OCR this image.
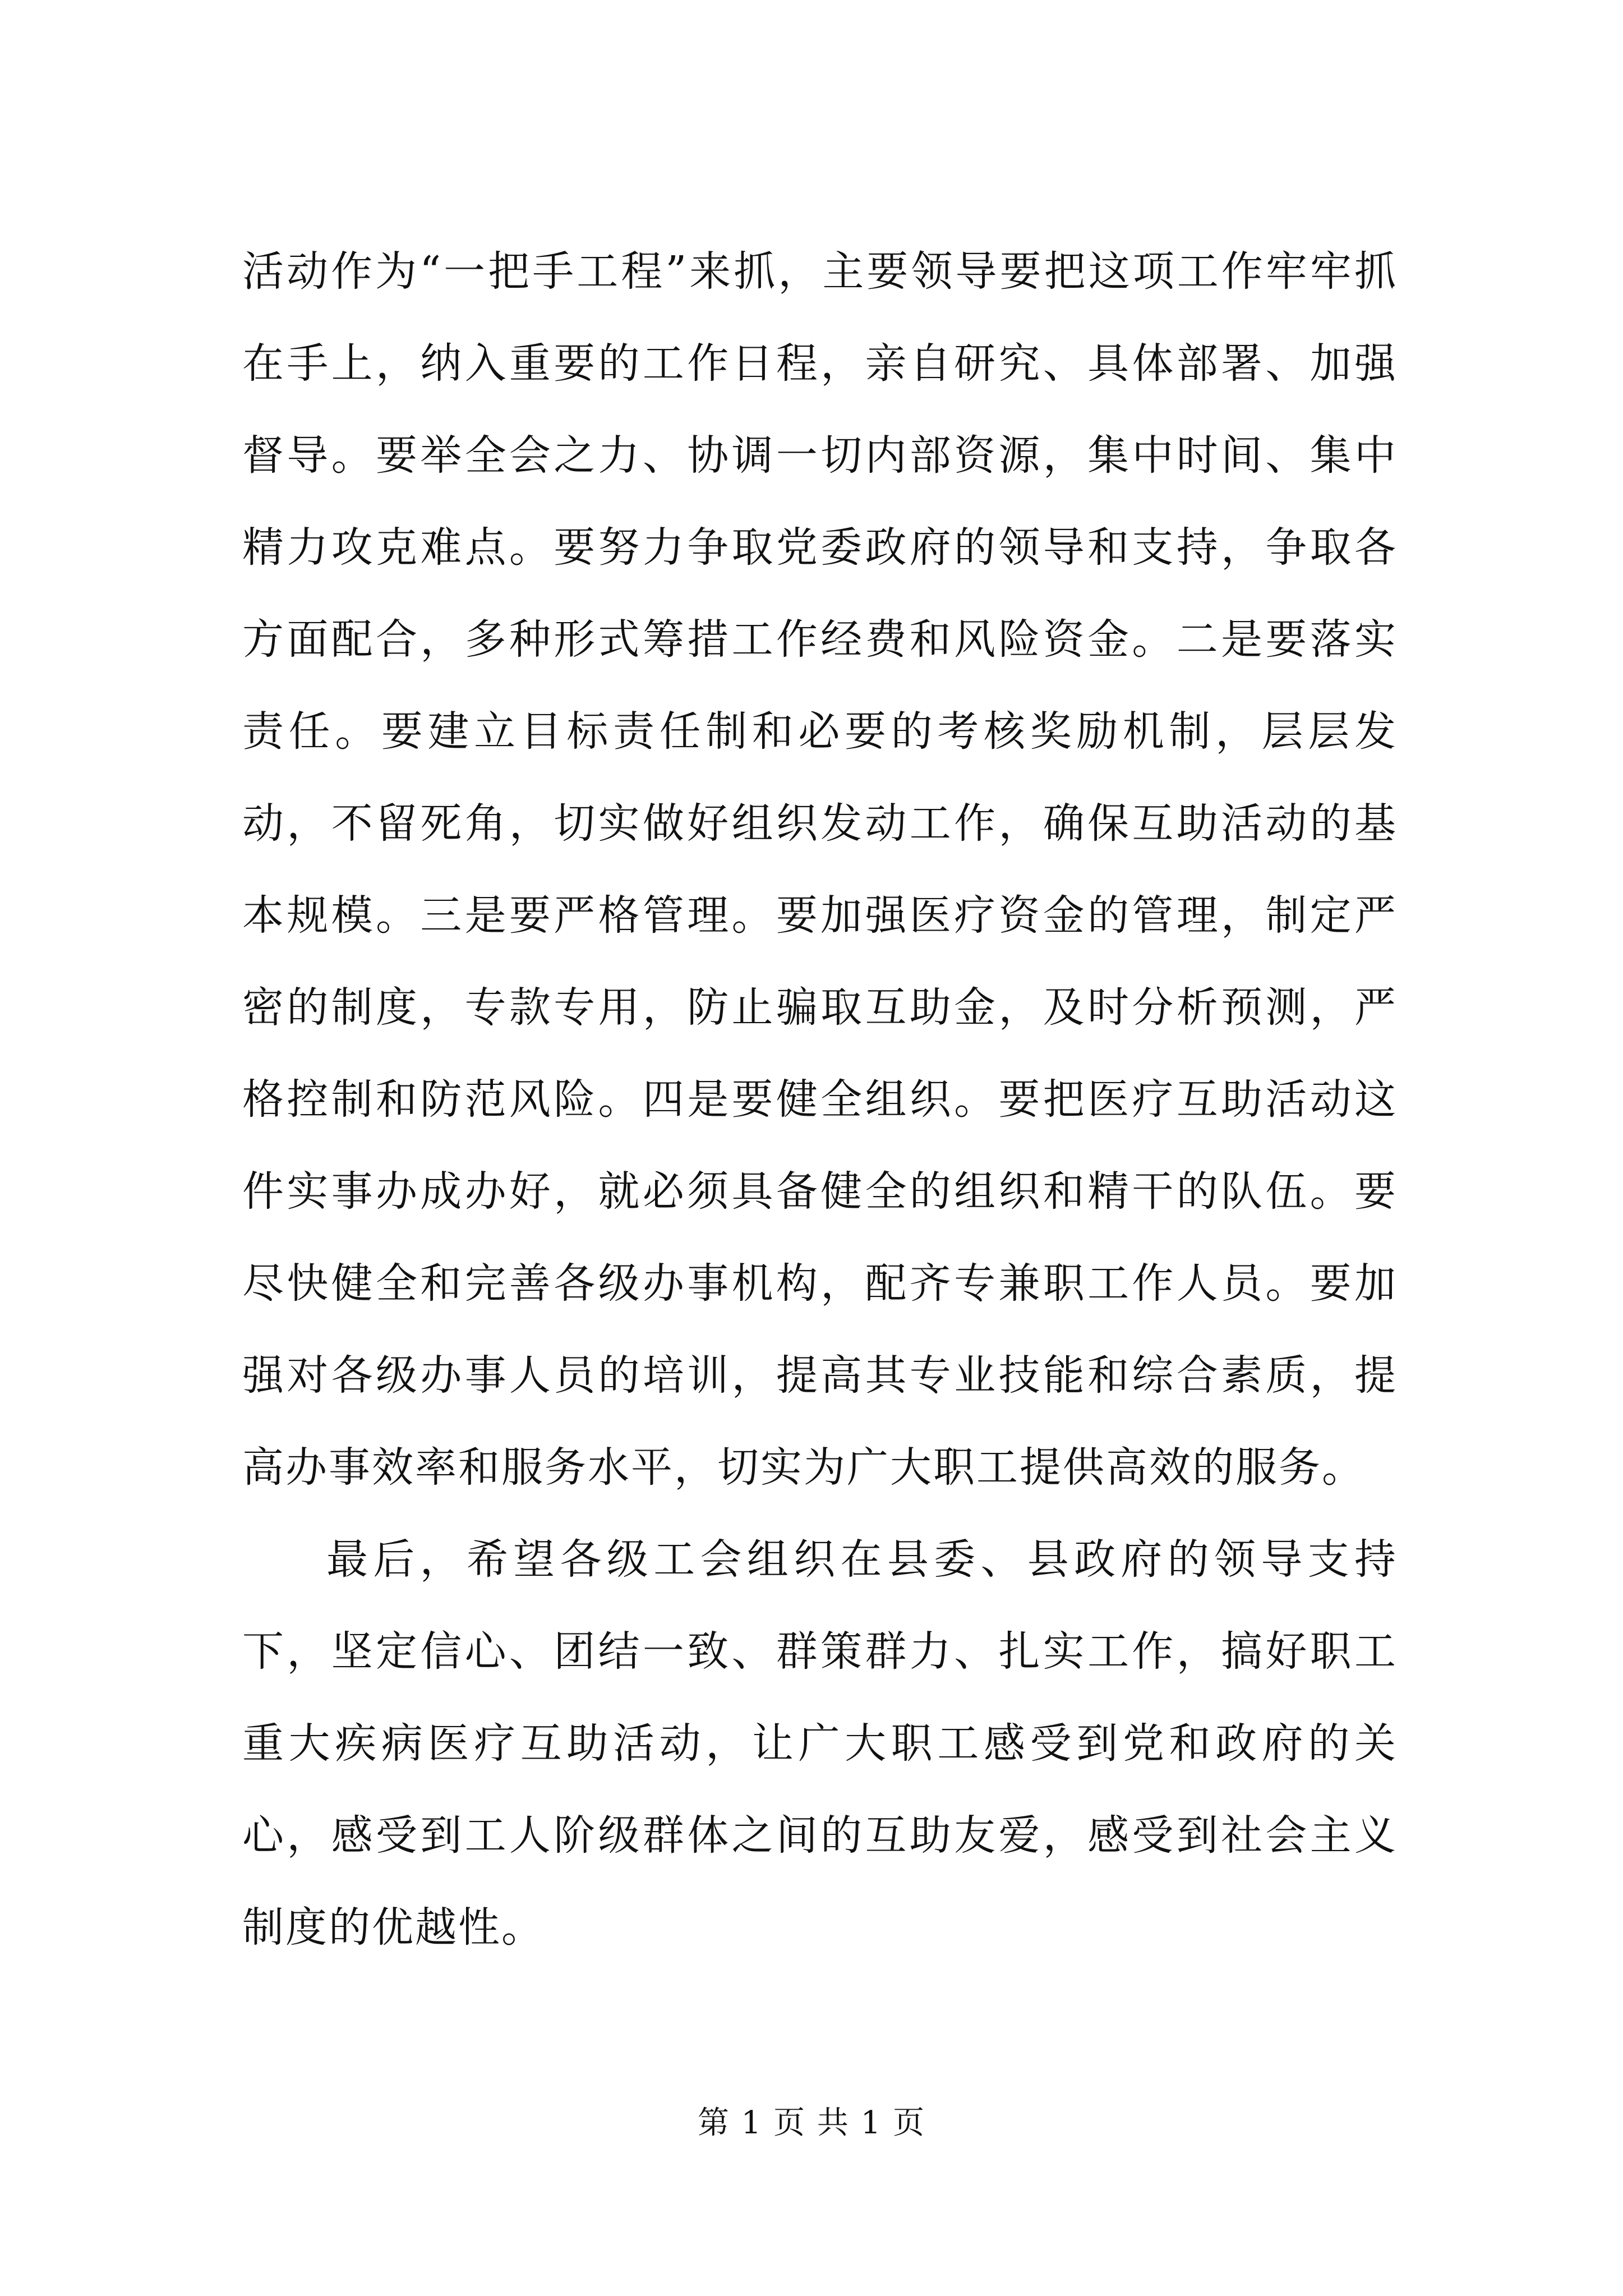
活动作为“一把手工程”来抓，主要领导要把这项工作牢牢抓在手上，纳入重要的工作日程，亲自研究、具体部署、加强督导。要举全会之力、协调一切内部资源，集中时间、集中精力攻克难点。要努力争取党委政府的领导和支持，争取各方面配合，多种形式筹措工作经费和风险资金。二是要落实责任。要建立目标责任制和必要的考核奖励机制，层层发动，不留死角，切实做好组织发动工作，确保互助活动的基本规模。三是要严格管理。要加强医疗资金的管理，制定严密的制度，专款专用，防止骗取互助金，及时分析预测，严格控制和防范风险。四是要健全组织。要把医疗互助活动这件实事办成办好，就必须具备健全的组织和精干的队伍。要尽快健全和完善各级办事机构，配齐专兼职工作人员。要加强对各级办事人员的培训，提高其专业技能和综合素质，提高办事效率和服务水平，切实为广大职工提供高效的服务。

最后，希望各级工会组织在县委、县政府的领导支持下，坚定信心、团结一致、群策群力、扎实工作，搞好职工重大疾病医疗互助活动，让广大职工感受到党和政府的关心，感受到工人阶级群体之间的互助友爱，感受到社会主义制度的优越性。

第 1 页 共 1 页
